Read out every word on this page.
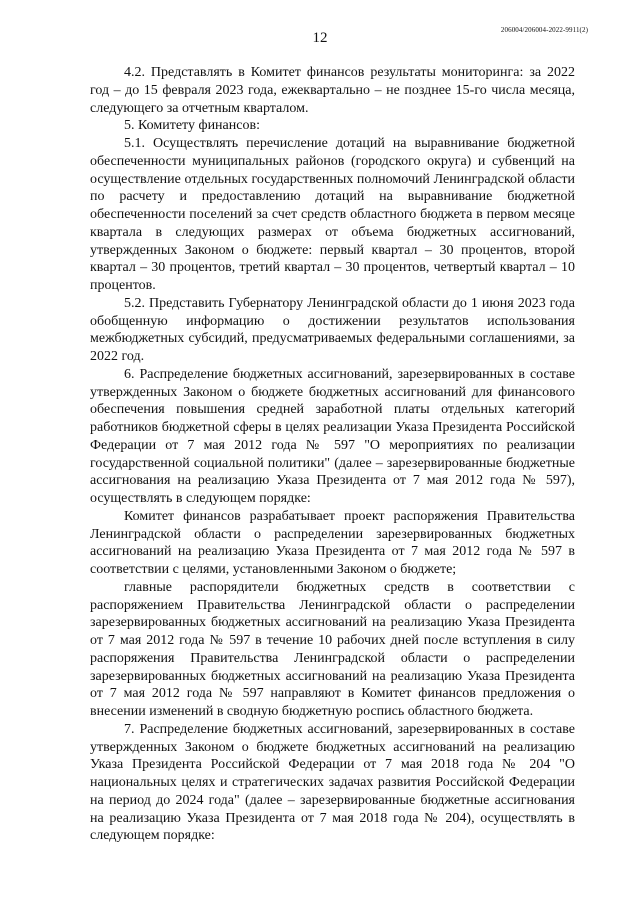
206004/206004-2022-9911(2)
12

4.2. Представлять в Комитет финансов результаты мониторинга: за 2022 год – до 15 февраля 2023 года, ежеквартально – не позднее 15-го числа месяца, следующего за отчетным кварталом.

5. Комитету финансов:

5.1. Осуществлять перечисление дотаций на выравнивание бюджетной обеспеченности муниципальных районов (городского округа) и субвенций на осуществление отдельных государственных полномочий Ленинградской области по расчету и предоставлению дотаций на выравнивание бюджетной обеспеченности поселений за счет средств областного бюджета в первом месяце квартала в следующих размерах от объема бюджетных ассигнований, утвержденных Законом о бюджете: первый квартал – 30 процентов, второй квартал – 30 процентов, третий квартал – 30 процентов, четвертый квартал – 10 процентов.

5.2. Представить Губернатору Ленинградской области до 1 июня 2023 года обобщенную информацию о достижении результатов использования межбюджетных субсидий, предусматриваемых федеральными соглашениями, за 2022 год.

6. Распределение бюджетных ассигнований, зарезервированных в составе утвержденных Законом о бюджете бюджетных ассигнований для финансового обеспечения повышения средней заработной платы отдельных категорий работников бюджетной сферы в целях реализации Указа Президента Российской Федерации от 7 мая 2012 года № 597 "О мероприятиях по реализации государственной социальной политики" (далее – зарезервированные бюджетные ассигнования на реализацию Указа Президента от 7 мая 2012 года № 597), осуществлять в следующем порядке:

Комитет финансов разрабатывает проект распоряжения Правительства Ленинградской области о распределении зарезервированных бюджетных ассигнований на реализацию Указа Президента от 7 мая 2012 года № 597 в соответствии с целями, установленными Законом о бюджете;

главные распорядители бюджетных средств в соответствии с распоряжением Правительства Ленинградской области о распределении зарезервированных бюджетных ассигнований на реализацию Указа Президента от 7 мая 2012 года № 597 в течение 10 рабочих дней после вступления в силу распоряжения Правительства Ленинградской области о распределении зарезервированных бюджетных ассигнований на реализацию Указа Президента от 7 мая 2012 года № 597 направляют в Комитет финансов предложения о внесении изменений в сводную бюджетную роспись областного бюджета.

7. Распределение бюджетных ассигнований, зарезервированных в составе утвержденных Законом о бюджете бюджетных ассигнований на реализацию Указа Президента Российской Федерации от 7 мая 2018 года № 204 "О национальных целях и стратегических задачах развития Российской Федерации на период до 2024 года" (далее – зарезервированные бюджетные ассигнования на реализацию Указа Президента от 7 мая 2018 года № 204), осуществлять в следующем порядке:
